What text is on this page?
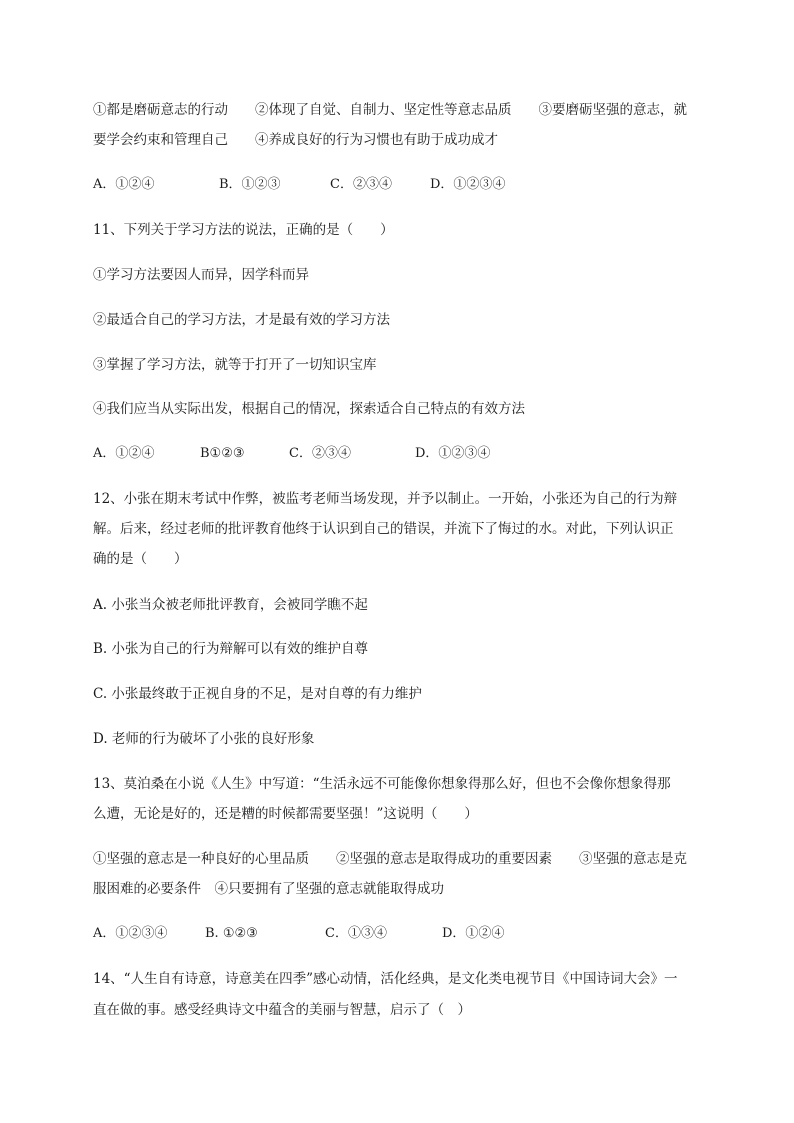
①都是磨砺意志的行动　　②体现了自觉、自制力、坚定性等意志品质　　③要磨砺坚强的意志，就
要学会约束和管理自己　　④养成良好的行为习惯也有助于成功成才
A．①②④	B．①②③	C．②③④	D．①②③④
11、下列关于学习方法的说法，正确的是（　　）
①学习方法要因人而异，因学科而异
②最适合自己的学习方法，才是最有效的学习方法
③掌握了学习方法，就等于打开了一切知识宝库
④我们应当从实际出发，根据自己的情况，探索适合自己特点的有效方法
A．①②④	B①②③	C．②③④	D．①②③④
12、小张在期末考试中作弊，被监考老师当场发现，并予以制止。一开始，小张还为自己的行为辩
解。后来，经过老师的批评教育他终于认识到自己的错误，并流下了悔过的水。对此，下列认识正
确的是（　　）
A. 小张当众被老师批评教育，会被同学瞧不起
B. 小张为自己的行为辩解可以有效的维护自尊
C. 小张最终敢于正视自身的不足，是对自尊的有力维护
D. 老师的行为破坏了小张的良好形象
13、莫泊桑在小说《人生》中写道：“生活永远不可能像你想象得那么好，但也不会像你想象得那
么遭，无论是好的，还是糟的时候都需要坚强！”这说明（　　）
①坚强的意志是一种良好的心里品质　　②坚强的意志是取得成功的重要因素　　③坚强的意志是克
服困难的必要条件　④只要拥有了坚强的意志就能取得成功
A．①②③④	B. ①②③	C．①③④	D．①②④
14、“人生自有诗意，诗意美在四季”感心动情，活化经典，是文化类电视节目《中国诗词大会》一
直在做的事。感受经典诗文中蕴含的美丽与智慧，启示了（　）
